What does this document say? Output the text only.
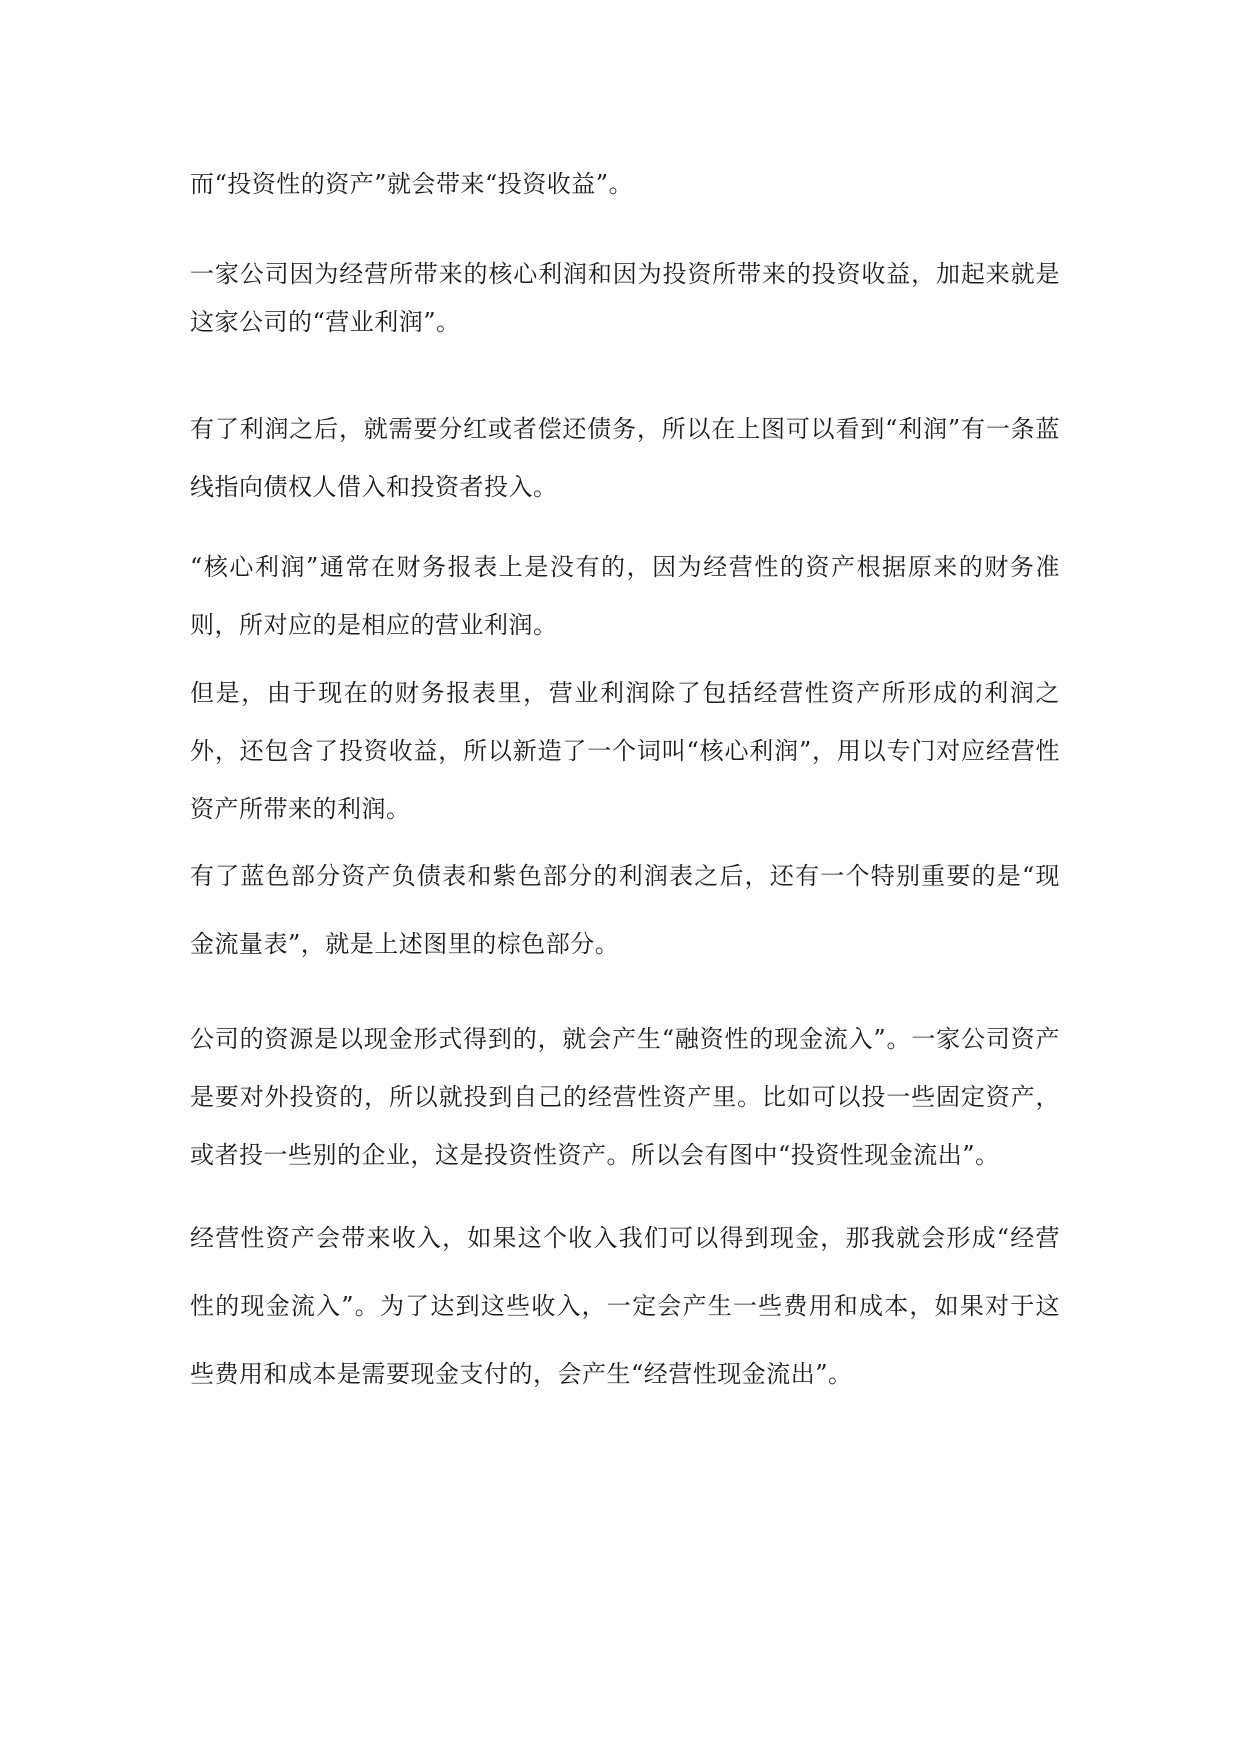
而“投资性的资产”就会带来“投资收益”。

一家公司因为经营所带来的核心利润和因为投资所带来的投资收益，加起来就是这家公司的“营业利润”。

有了利润之后，就需要分红或者偿还债务，所以在上图可以看到“利润”有一条蓝线指向债权人借入和投资者投入。

“核心利润”通常在财务报表上是没有的，因为经营性的资产根据原来的财务准则，所对应的是相应的营业利润。

但是，由于现在的财务报表里，营业利润除了包括经营性资产所形成的利润之外，还包含了投资收益，所以新造了一个词叫“核心利润”，用以专门对应经营性资产所带来的利润。

有了蓝色部分资产负债表和紫色部分的利润表之后，还有一个特别重要的是“现金流量表”，就是上述图里的棕色部分。

公司的资源是以现金形式得到的，就会产生“融资性的现金流入”。一家公司资产是要对外投资的，所以就投到自己的经营性资产里。比如可以投一些固定资产，或者投一些别的企业，这是投资性资产。所以会有图中“投资性现金流出”。

经营性资产会带来收入，如果这个收入我们可以得到现金，那我就会形成“经营性的现金流入”。为了达到这些收入，一定会产生一些费用和成本，如果对于这些费用和成本是需要现金支付的，会产生“经营性现金流出”。
